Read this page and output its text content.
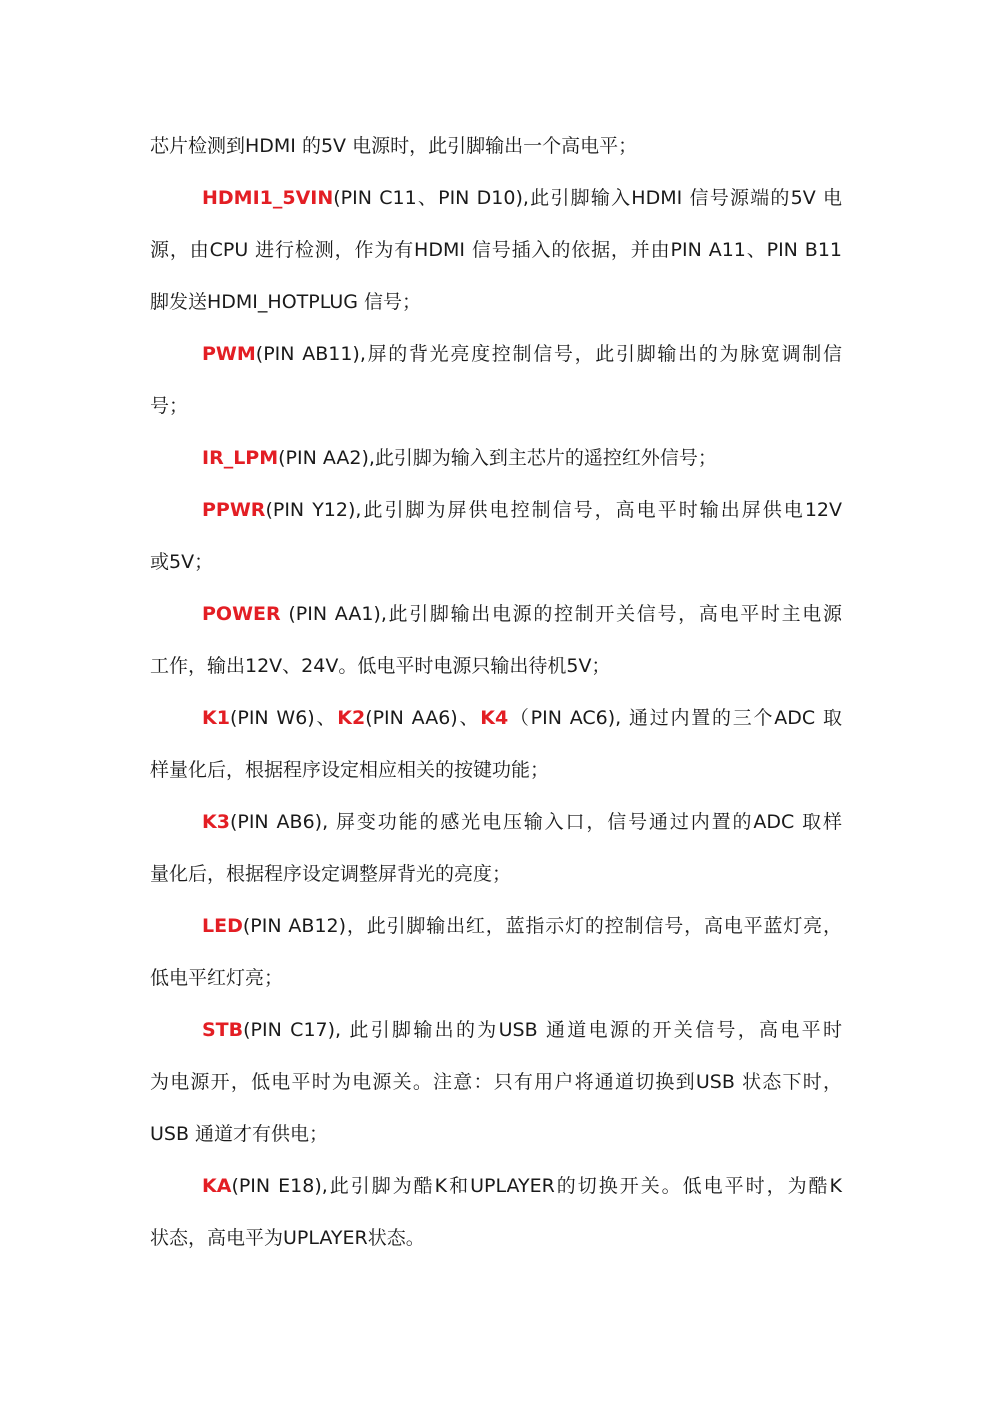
芯片检测到HDMI 的5V 电源时，此引脚输出一个高电平；
HDMI1_5VIN(PIN C11、PIN D10),此引脚输入HDMI 信号源端的5V 电
源，由CPU 进行检测，作为有HDMI 信号插入的依据，并由PIN A11、PIN B11
脚发送HDMI_HOTPLUG 信号；
PWM(PIN AB11),屏的背光亮度控制信号，此引脚输出的为脉宽调制信
号；
IR_LPM(PIN AA2),此引脚为输入到主芯片的遥控红外信号；
PPWR(PIN Y12),此引脚为屏供电控制信号，高电平时输出屏供电12V
或5V；
POWER (PIN AA1),此引脚输出电源的控制开关信号，高电平时主电源
工作，输出12V、24V。低电平时电源只输出待机5V；
K1(PIN W6)、K2(PIN AA6)、K4（PIN AC6), 通过内置的三个ADC 取
样量化后，根据程序设定相应相关的按键功能；
K3(PIN AB6), 屏变功能的感光电压输入口，信号通过内置的ADC 取样
量化后，根据程序设定调整屏背光的亮度；
LED(PIN AB12)，此引脚输出红，蓝指示灯的控制信号，高电平蓝灯亮，
低电平红灯亮；
STB(PIN C17), 此引脚输出的为USB 通道电源的开关信号，高电平时
为电源开，低电平时为电源关。注意：只有用户将通道切换到USB 状态下时，
USB 通道才有供电；
KA(PIN E18),此引脚为酷K和UPLAYER的切换开关。低电平时，为酷K
状态，高电平为UPLAYER状态。
